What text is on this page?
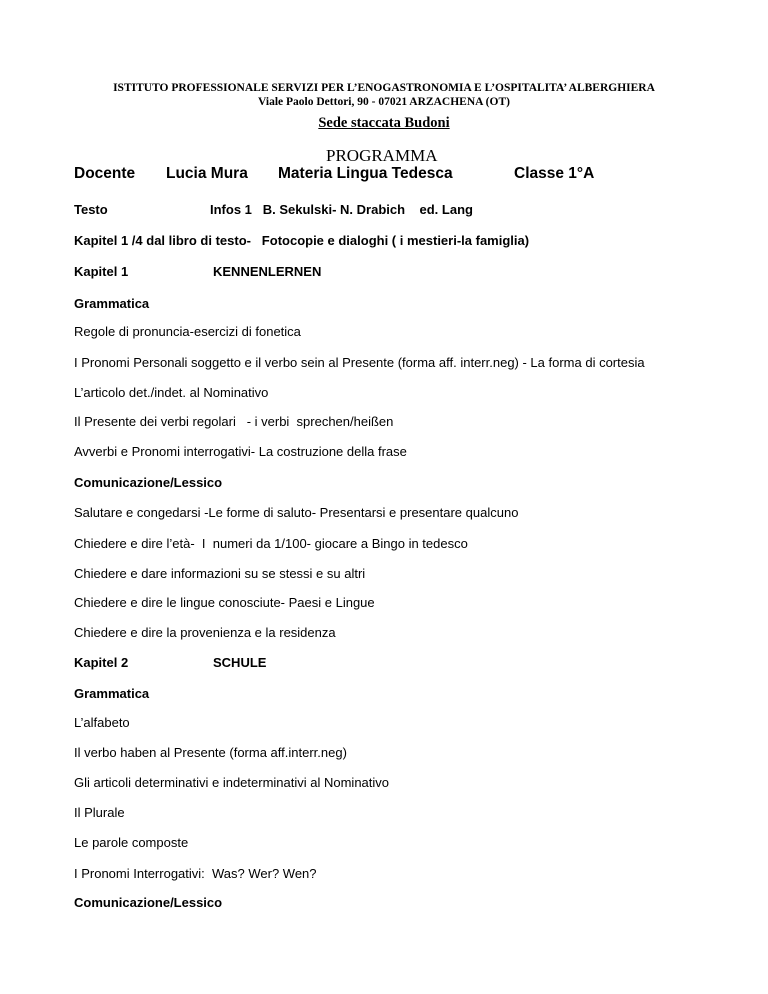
ISTITUTO PROFESSIONALE SERVIZI PER L’ENOGASTRONOMIA E L’OSPITALITA’ ALBERGHIERA
Viale Paolo Dettori, 90 - 07021 ARZACHENA (OT)
Sede staccata Budoni
PROGRAMMA
Docente Lucia Mura Materia Lingua Tedesca	Classe 1°A
Testo	Infos 1   B. Sekulski- N. Drabich    ed. Lang
Kapitel 1 /4 dal libro di testo-   Fotocopie e dialoghi ( i mestieri-la famiglia)
Kapitel 1	KENNENLERNEN
Grammatica
Regole di pronuncia-esercizi di fonetica
I Pronomi Personali soggetto e il verbo sein al Presente (forma aff. interr.neg) - La forma di cortesia
L’articolo det./indet. al Nominativo
Il Presente dei verbi regolari   - i verbi  sprechen/heißen
Avverbi e Pronomi interrogativi- La costruzione della frase
Comunicazione/Lessico
Salutare e congedarsi -Le forme di saluto- Presentarsi e presentare qualcuno
Chiedere e dire l’età-  I  numeri da 1/100- giocare a Bingo in tedesco
Chiedere e dare informazioni su se stessi e su altri
Chiedere e dire le lingue conosciute- Paesi e Lingue
Chiedere e dire la provenienza e la residenza
Kapitel 2	SCHULE
Grammatica
L’alfabeto
Il verbo haben al Presente (forma aff.interr.neg)
Gli articoli determinativi e indeterminativi al Nominativo
Il Plurale
Le parole composte
I Pronomi Interrogativi:  Was? Wer? Wen?
Comunicazione/Lessico
